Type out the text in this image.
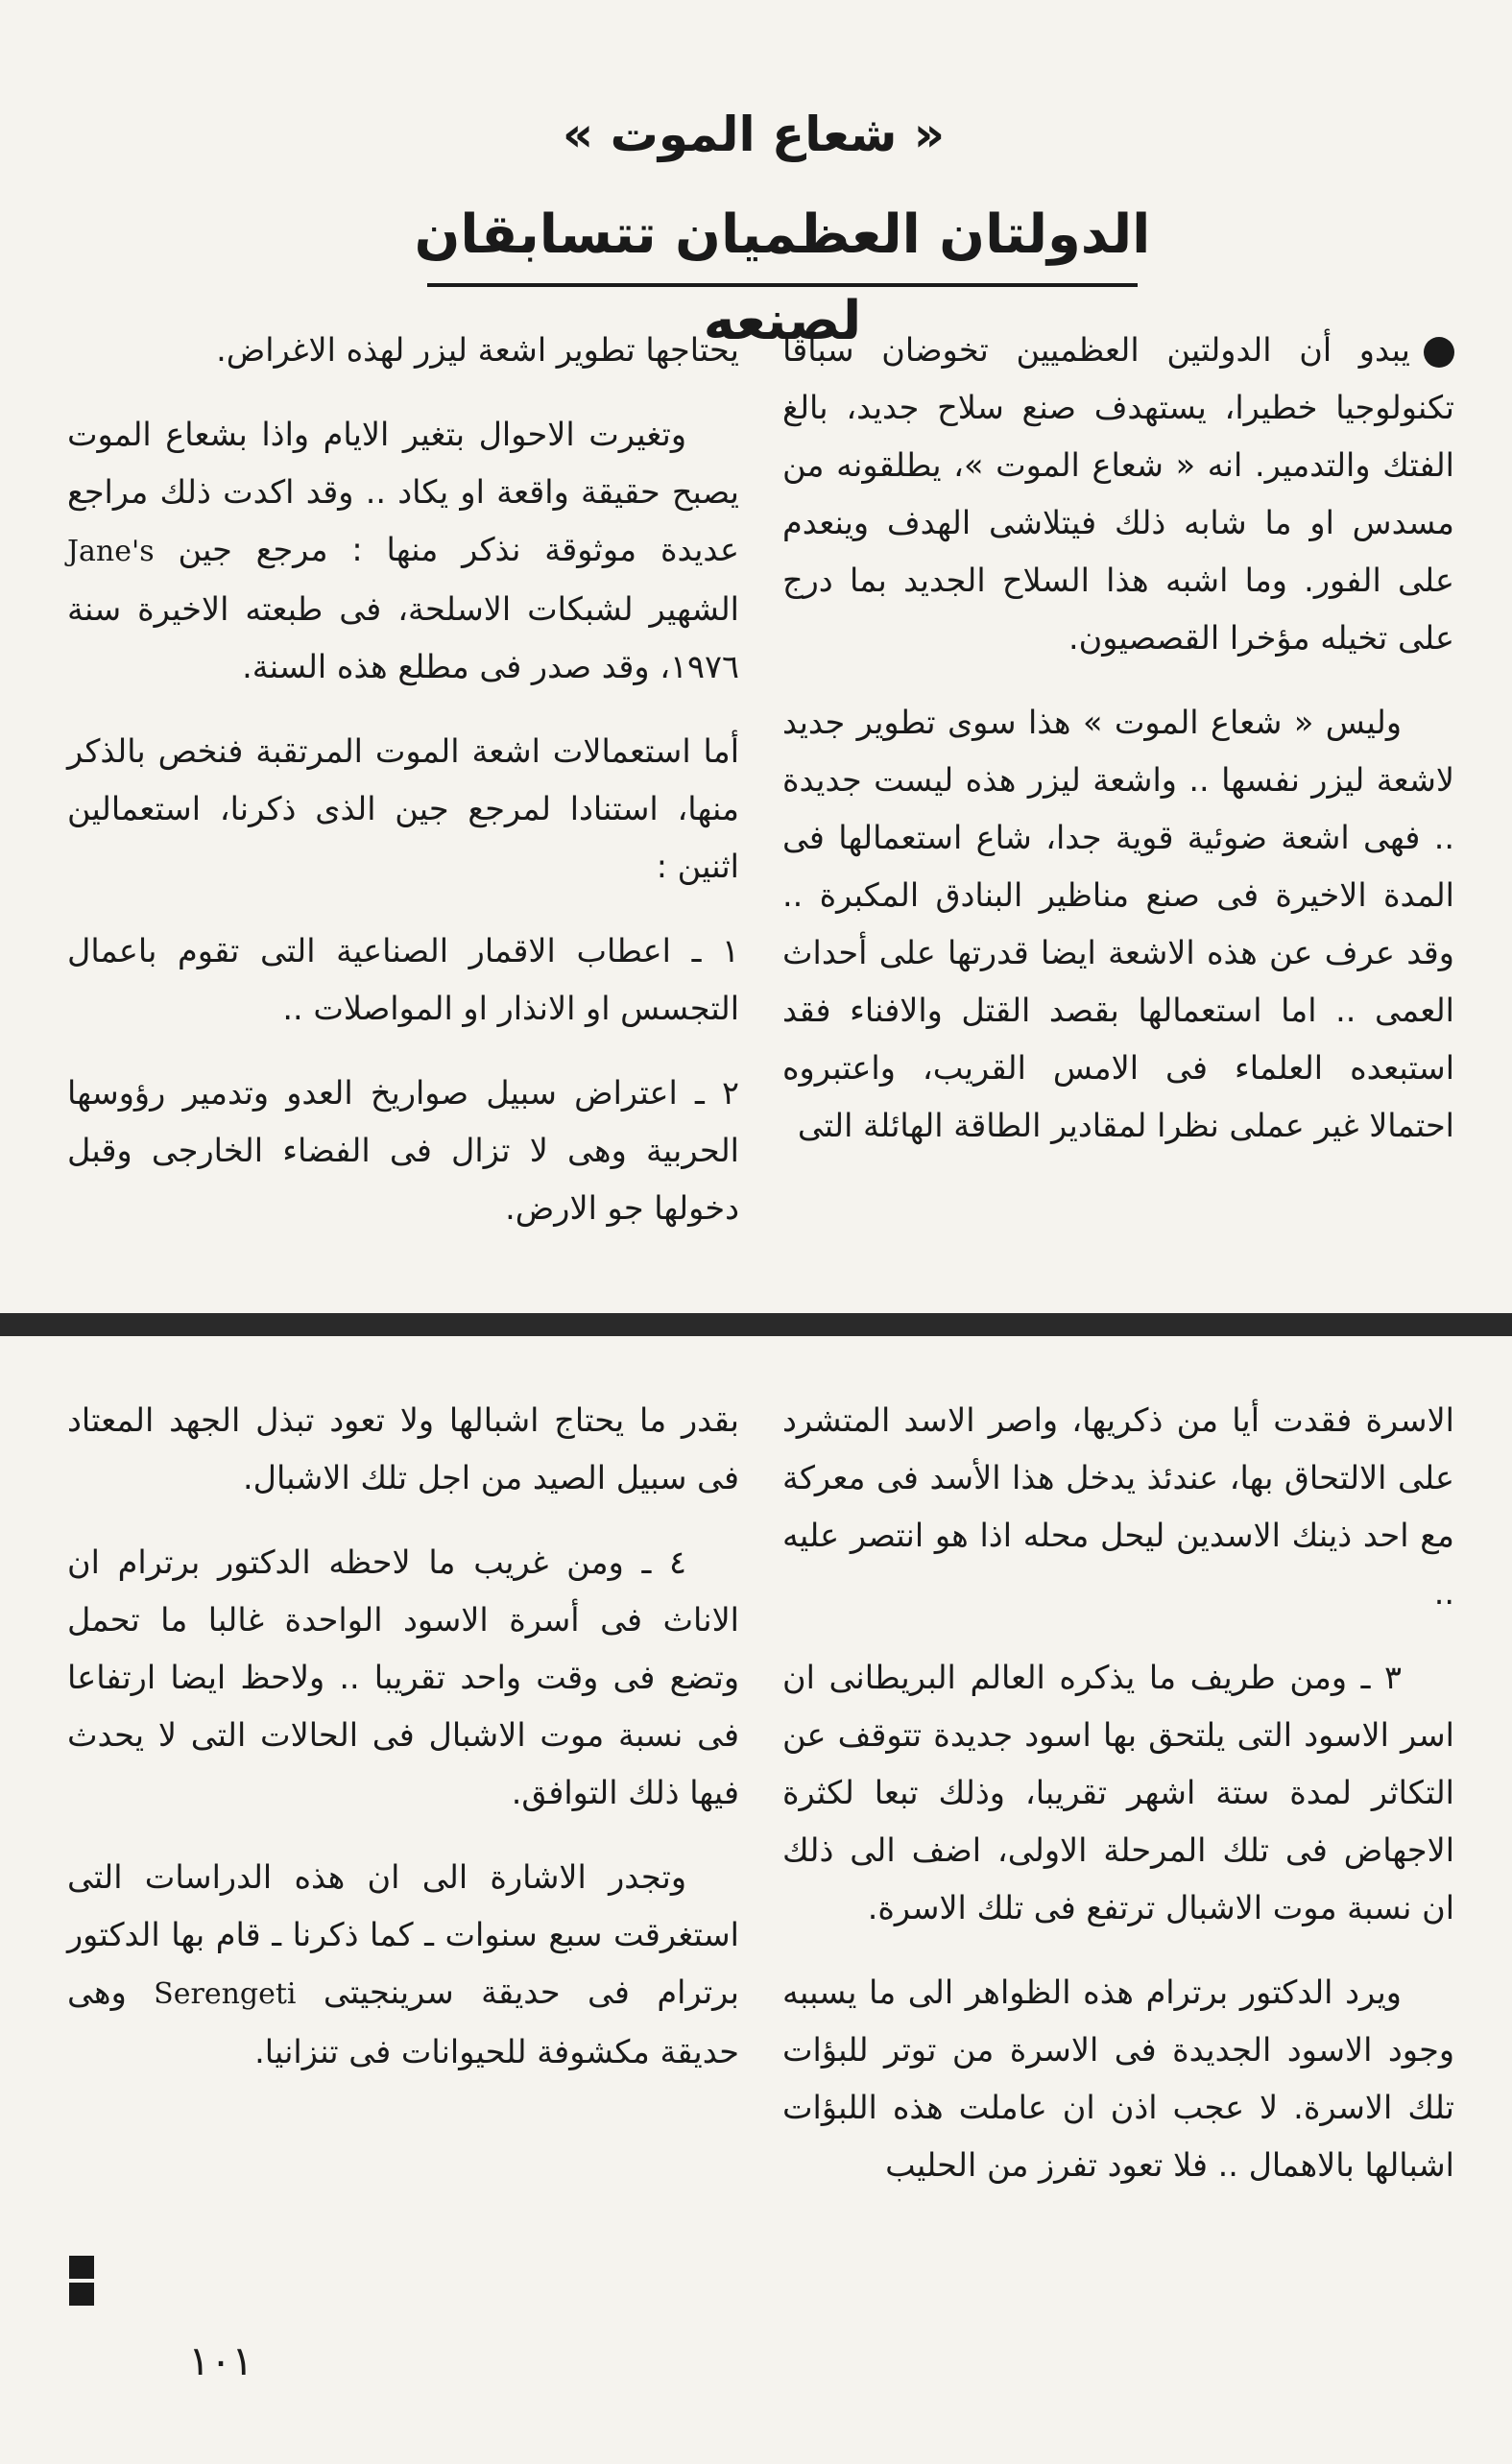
« شعاع الموت »
الدولتان العظميان تتسابقان لصنعه

يبدو أن الدولتين العظميين تخوضان سباقا تكنولوجيا خطيرا، يستهدف صنع سلاح جديد، بالغ الفتك والتدمير. انه « شعاع الموت »، يطلقونه من مسدس او ما شابه ذلك فيتلاشى الهدف وينعدم على الفور. وما اشبه هذا السلاح الجديد بما درج على تخيله مؤخرا القصصيون.

وليس « شعاع الموت » هذا سوى تطوير جديد لاشعة ليزر نفسها .. واشعة ليزر هذه ليست جديدة .. فهى اشعة ضوئية قوية جدا، شاع استعمالها فى المدة الاخيرة فى صنع مناظير البنادق المكبرة .. وقد عرف عن هذه الاشعة ايضا قدرتها على أحداث العمى .. اما استعمالها بقصد القتل والافناء فقد استبعده العلماء فى الامس القريب، واعتبروه احتمالا غير عملى نظرا لمقادير الطاقة الهائلة التى

يحتاجها تطوير اشعة ليزر لهذه الاغراض.

وتغيرت الاحوال بتغير الايام واذا بشعاع الموت يصبح حقيقة واقعة او يكاد .. وقد اكدت ذلك مراجع عديدة موثوقة نذكر منها : مرجع جين Jane's الشهير لشبكات الاسلحة، فى طبعته الاخيرة سنة ١٩٧٦، وقد صدر فى مطلع هذه السنة.

أما استعمالات اشعة الموت المرتقبة فنخص بالذكر منها، استنادا لمرجع جين الذى ذكرنا، استعمالين اثنين :

١ ـ اعطاب الاقمار الصناعية التى تقوم باعمال التجسس او الانذار او المواصلات ..

٢ ـ اعتراض سبيل صواريخ العدو وتدمير رؤوسها الحربية وهى لا تزال فى الفضاء الخارجى وقبل دخولها جو الارض.

الاسرة فقدت أيا من ذكريها، واصر الاسد المتشرد على الالتحاق بها، عندئذ يدخل هذا الأسد فى معركة مع احد ذينك الاسدين ليحل محله اذا هو انتصر عليه ..

٣ ـ ومن طريف ما يذكره العالم البريطانى ان اسر الاسود التى يلتحق بها اسود جديدة تتوقف عن التكاثر لمدة ستة اشهر تقريبا، وذلك تبعا لكثرة الاجهاض فى تلك المرحلة الاولى، اضف الى ذلك ان نسبة موت الاشبال ترتفع فى تلك الاسرة.

ويرد الدكتور برترام هذه الظواهر الى ما يسببه وجود الاسود الجديدة فى الاسرة من توتر للبؤات تلك الاسرة. لا عجب اذن ان عاملت هذه اللبؤات اشبالها بالاهمال .. فلا تعود تفرز من الحليب

بقدر ما يحتاج اشبالها ولا تعود تبذل الجهد المعتاد فى سبيل الصيد من اجل تلك الاشبال.

٤ ـ ومن غريب ما لاحظه الدكتور برترام ان الاناث فى أسرة الاسود الواحدة غالبا ما تحمل وتضع فى وقت واحد تقريبا .. ولاحظ ايضا ارتفاعا فى نسبة موت الاشبال فى الحالات التى لا يحدث فيها ذلك التوافق.

وتجدر الاشارة الى ان هذه الدراسات التى استغرقت سبع سنوات ـ كما ذكرنا ـ قام بها الدكتور برترام فى حديقة سرينجيتى Serengeti وهى حديقة مكشوفة للحيوانات فى تنزانيا.

١٠١
